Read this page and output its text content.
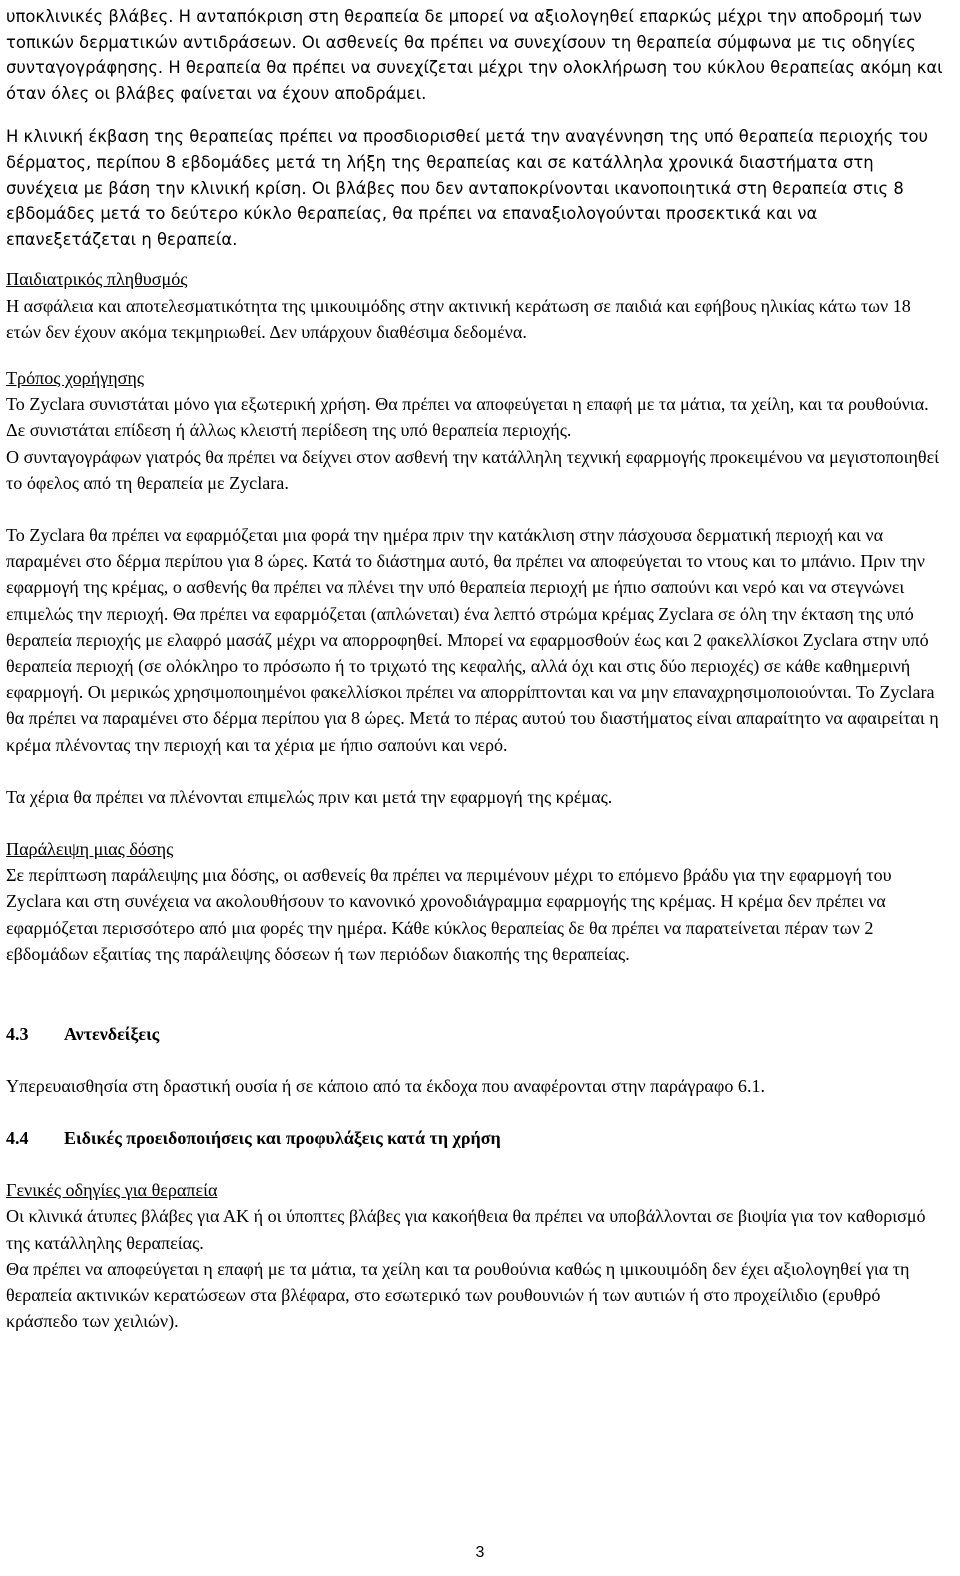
υποκλινικές βλάβες. Η ανταπόκριση στη θεραπεία δε μπορεί να αξιολογηθεί επαρκώς μέχρι την αποδρομή των τοπικών δερματικών αντιδράσεων. Οι ασθενείς θα πρέπει να συνεχίσουν τη θεραπεία σύμφωνα με τις οδηγίες συνταγογράφησης. Η θεραπεία θα πρέπει να συνεχίζεται μέχρι την ολοκλήρωση του κύκλου θεραπείας ακόμη και όταν όλες οι βλάβες φαίνεται να έχουν αποδράμει.

Η κλινική έκβαση της θεραπείας πρέπει να προσδιορισθεί μετά την αναγέννηση της υπό θεραπεία περιοχής του δέρματος, περίπου 8 εβδομάδες μετά τη λήξη της θεραπείας και σε κατάλληλα χρονικά διαστήματα στη συνέχεια με βάση την κλινική κρίση. Οι βλάβες που δεν ανταποκρίνονται ικανοποιητικά στη θεραπεία στις 8 εβδομάδες μετά το δεύτερο κύκλο θεραπείας, θα πρέπει να επαναξιολογούνται προσεκτικά και να επανεξετάζεται η θεραπεία.

Παιδιατρικός πληθυσμός

Η ασφάλεια και αποτελεσματικότητα της ιμικουιμόδης στην ακτινική κεράτωση σε παιδιά και εφήβους ηλικίας κάτω των 18 ετών δεν έχουν ακόμα τεκμηριωθεί. Δεν υπάρχουν διαθέσιμα δεδομένα.

Τρόπος χορήγησης

Το Zyclara συνιστάται μόνο για εξωτερική χρήση. Θα πρέπει να αποφεύγεται η επαφή με τα μάτια, τα χείλη, και τα ρουθούνια.

Δε συνιστάται επίδεση ή άλλως κλειστή περίδεση της υπό θεραπεία περιοχής.

Ο συνταγογράφων γιατρός θα πρέπει να δείχνει στον ασθενή την κατάλληλη τεχνική εφαρμογής προκειμένου να μεγιστοποιηθεί το όφελος από τη θεραπεία με Zyclara.

Το Zyclara θα πρέπει να εφαρμόζεται μια φορά την ημέρα πριν την κατάκλιση στην πάσχουσα δερματική περιοχή και να παραμένει στο δέρμα περίπου για 8 ώρες. Κατά το διάστημα αυτό, θα πρέπει να αποφεύγεται το ντους και το μπάνιο. Πριν την εφαρμογή της κρέμας, ο ασθενής θα πρέπει να πλένει την υπό θεραπεία περιοχή με ήπιο σαπούνι και νερό και να στεγνώνει επιμελώς την περιοχή. Θα πρέπει να εφαρμόζεται (απλώνεται) ένα λεπτό στρώμα κρέμας Zyclara σε όλη την έκταση της υπό θεραπεία περιοχής με ελαφρό μασάζ μέχρι να απορροφηθεί. Μπορεί να εφαρμοσθούν έως και 2 φακελλίσκοι Zyclara στην υπό θεραπεία περιοχή (σε ολόκληρο το πρόσωπο ή το τριχωτό της κεφαλής, αλλά όχι και στις δύο περιοχές) σε κάθε καθημερινή εφαρμογή. Οι μερικώς χρησιμοποιημένοι φακελλίσκοι πρέπει να απορρίπτονται και να μην επαναχρησιμοποιούνται. Το Zyclara θα πρέπει να παραμένει στο δέρμα περίπου για 8 ώρες. Μετά το πέρας αυτού του διαστήματος είναι απαραίτητο να αφαιρείται η κρέμα πλένοντας την περιοχή και τα χέρια με ήπιο σαπούνι και νερό.

Τα χέρια θα πρέπει να πλένονται επιμελώς πριν και μετά την εφαρμογή της κρέμας.

Παράλειψη μιας δόσης

Σε περίπτωση παράλειψης μια δόσης, οι ασθενείς θα πρέπει να περιμένουν μέχρι το επόμενο βράδυ για την εφαρμογή του Zyclara και στη συνέχεια να ακολουθήσουν το κανονικό χρονοδιάγραμμα εφαρμογής της κρέμας. Η κρέμα δεν πρέπει να εφαρμόζεται περισσότερο από μια φορές την ημέρα. Κάθε κύκλος θεραπείας δε θα πρέπει να παρατείνεται πέραν των 2 εβδομάδων εξαιτίας της παράλειψης δόσεων ή των περιόδων διακοπής της θεραπείας.

4.3 Αντενδείξεις

Υπερευαισθησία στη δραστική ουσία ή σε κάποιο από τα έκδοχα που αναφέρονται στην παράγραφο 6.1.

4.4 Ειδικές προειδοποιήσεις και προφυλάξεις κατά τη χρήση

Γενικές οδηγίες για θεραπεία

Οι κλινικά άτυπες βλάβες για ΑΚ ή οι ύποπτες βλάβες για κακοήθεια θα πρέπει να υποβάλλονται σε βιοψία για τον καθορισμό της κατάλληλης θεραπείας.

Θα πρέπει να αποφεύγεται η επαφή με τα μάτια, τα χείλη και τα ρουθούνια καθώς η ιμικουιμόδη δεν έχει αξιολογηθεί για τη θεραπεία ακτινικών κερατώσεων στα βλέφαρα, στο εσωτερικό των ρουθουνιών ή των αυτιών ή στο προχείλιδιο (ερυθρό κράσπεδο των χειλιών).

3
